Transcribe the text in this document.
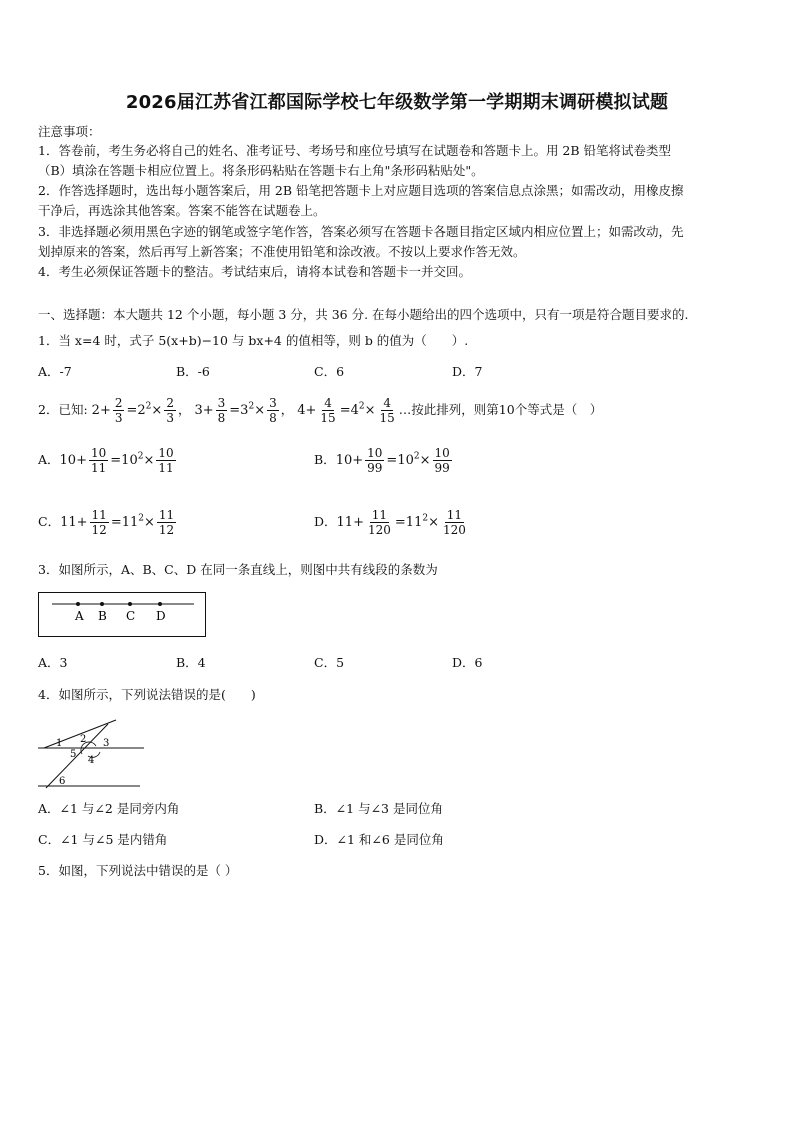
2026届江苏省江都国际学校七年级数学第一学期期末调研模拟试题
注意事项：
1．答卷前，考生务必将自己的姓名、准考证号、考场号和座位号填写在试题卷和答题卡上。用 2B 铅笔将试卷类型
（B）填涂在答题卡相应位置上。将条形码粘贴在答题卡右上角"条形码粘贴处"。
2．作答选择题时，选出每小题答案后，用 2B 铅笔把答题卡上对应题目选项的答案信息点涂黑；如需改动，用橡皮擦
干净后，再选涂其他答案。答案不能答在试题卷上。
3．非选择题必须用黑色字迹的钢笔或签字笔作答，答案必须写在答题卡各题目指定区域内相应位置上；如需改动，先
划掉原来的答案，然后再写上新答案；不准使用铅笔和涂改液。不按以上要求作答无效。
4．考生必须保证答题卡的整洁。考试结束后，请将本试卷和答题卡一并交回。
一、选择题：本大题共 12 个小题，每小题 3 分，共 36 分. 在每小题给出的四个选项中，只有一项是符合题目要求的.
1．当 x=4 时，式子 5(x+b)−10 与 bx+4 的值相等，则 b 的值为（　　）.
A．-7	B．-6	C．6	D．7
2．已知: $2+ \frac{2}{3} =2^2\times \frac{2}{3}$ ， $3+ \frac{3}{8} =3^2\times \frac{3}{8}$ ， $4+ \frac{4}{15} =4^2\times \frac{4}{15}$ …按此排列，则第10个等式是（　）
A．$10+ \frac{10}{11} =10^2\times \frac{10}{11}$	B．$10+ \frac{10}{99} =10^2\times \frac{10}{99}$
C．$11+ \frac{11}{12} =11^2\times \frac{11}{12}$	D．$11+ \frac{11}{120} =11^2\times \frac{11}{120}$
3．如图所示，A、B、C、D 在同一条直线上，则图中共有线段的条数为
A B C D
A．3	B．4	C．5	D．6
4．如图所示，下列说法错误的是(　　)
1 2 3
4
5
6
A．∠1 与∠2 是同旁内角	B．∠1 与∠3 是同位角
C．∠1 与∠5 是内错角	D．∠1 和∠6 是同位角
5．如图，下列说法中错误的是（ ）
